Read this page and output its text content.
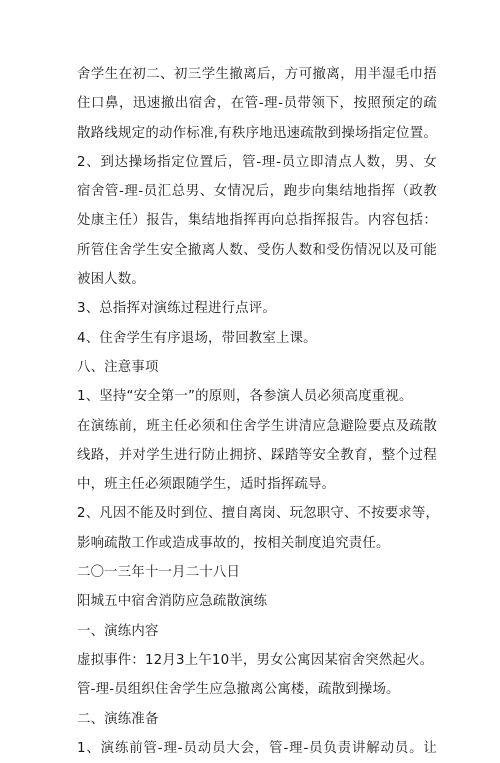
舍学生在初二、初三学生撤离后，方可撤离，用半湿毛巾捂
住口鼻，迅速撤出宿舍，在管-理-员带领下，按照预定的疏
散路线规定的动作标准,有秩序地迅速疏散到操场指定位置。
2、到达操场指定位置后，管-理-员立即清点人数，男、女
宿舍管-理-员汇总男、女情况后，跑步向集结地指挥（政教
处康主任）报告，集结地指挥再向总指挥报告。内容包括：
所管住舍学生安全撤离人数、受伤人数和受伤情况以及可能
被困人数。
3、总指挥对演练过程进行点评。
4、住舍学生有序退场，带回教室上课。
八、注意事项
1、坚持“安全第一”的原则，各参演人员必须高度重视。
在演练前，班主任必须和住舍学生讲清应急避险要点及疏散
线路，并对学生进行防止拥挤、踩踏等安全教育，整个过程
中，班主任必须跟随学生，适时指挥疏导。
2、凡因不能及时到位、擅自离岗、玩忽职守、不按要求等，
影响疏散工作或造成事故的，按相关制度追究责任。
二〇一三年十一月二十八日
阳城五中宿舍消防应急疏散演练
一、演练内容
虚拟事件：12月3上午10半，男女公寓因某宿舍突然起火。
管-理-员组织住舍学生应急撤离公寓楼，疏散到操场。
二、演练准备
1、演练前管-理-员动员大会，管-理-员负责讲解动员。让
